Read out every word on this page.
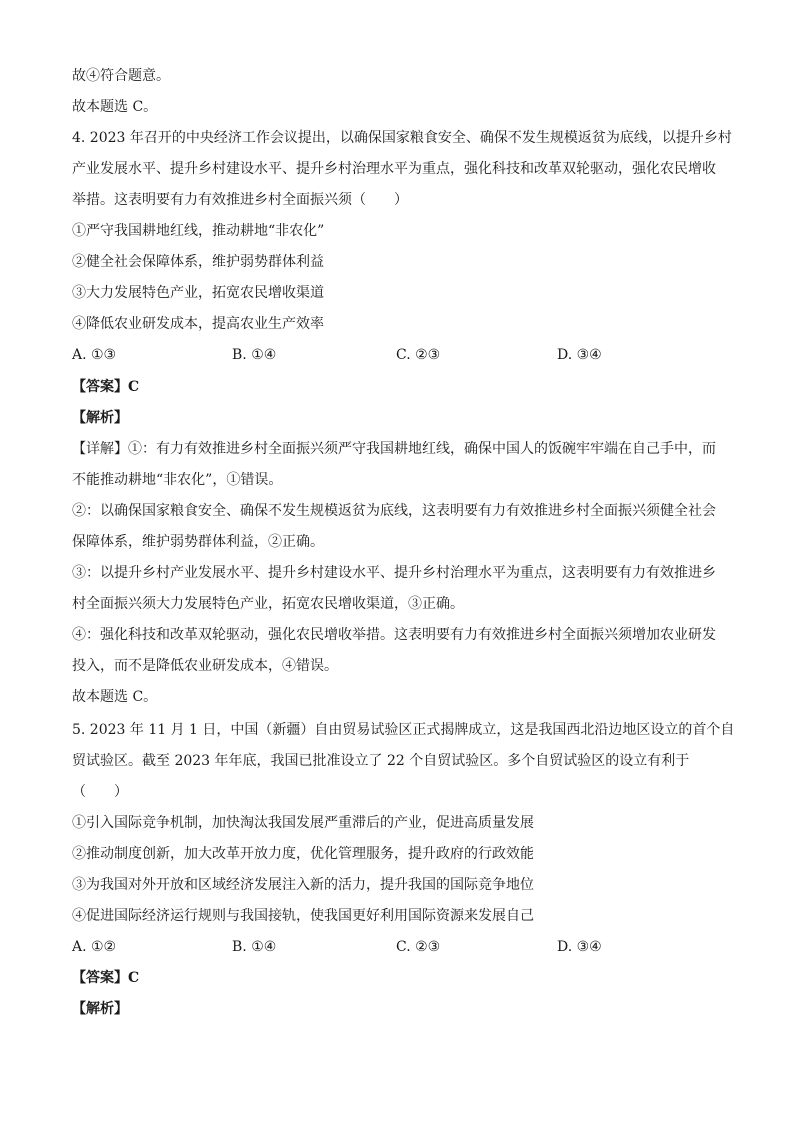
故④符合题意。
故本题选 C。
4. 2023 年召开的中央经济工作会议提出，以确保国家粮食安全、确保不发生规模返贫为底线，以提升乡村
产业发展水平、提升乡村建设水平、提升乡村治理水平为重点，强化科技和改革双轮驱动，强化农民增收
举措。这表明要有力有效推进乡村全面振兴须（　　）
①严守我国耕地红线，推动耕地“非农化”
②健全社会保障体系，维护弱势群体利益
③大力发展特色产业，拓宽农民增收渠道
④降低农业研发成本，提高农业生产效率
A. ①③	B. ①④	C. ②③	D. ③④
【答案】C
【解析】
【详解】①：有力有效推进乡村全面振兴须严守我国耕地红线，确保中国人的饭碗牢牢端在自己手中，而
不能推动耕地“非农化”，①错误。
②：以确保国家粮食安全、确保不发生规模返贫为底线，这表明要有力有效推进乡村全面振兴须健全社会
保障体系，维护弱势群体利益，②正确。
③：以提升乡村产业发展水平、提升乡村建设水平、提升乡村治理水平为重点，这表明要有力有效推进乡
村全面振兴须大力发展特色产业，拓宽农民增收渠道，③正确。
④：强化科技和改革双轮驱动，强化农民增收举措。这表明要有力有效推进乡村全面振兴须增加农业研发
投入，而不是降低农业研发成本，④错误。
故本题选 C。
5. 2023 年 11 月 1 日，中国（新疆）自由贸易试验区正式揭牌成立，这是我国西北沿边地区设立的首个自
贸试验区。截至 2023 年年底，我国已批准设立了 22 个自贸试验区。多个自贸试验区的设立有利于
（　　）
①引入国际竞争机制，加快淘汰我国发展严重滞后的产业，促进高质量发展
②推动制度创新，加大改革开放力度，优化管理服务，提升政府的行政效能
③为我国对外开放和区域经济发展注入新的活力，提升我国的国际竞争地位
④促进国际经济运行规则与我国接轨，使我国更好利用国际资源来发展自己
A. ①②	B. ①④	C. ②③	D. ③④
【答案】C
【解析】
